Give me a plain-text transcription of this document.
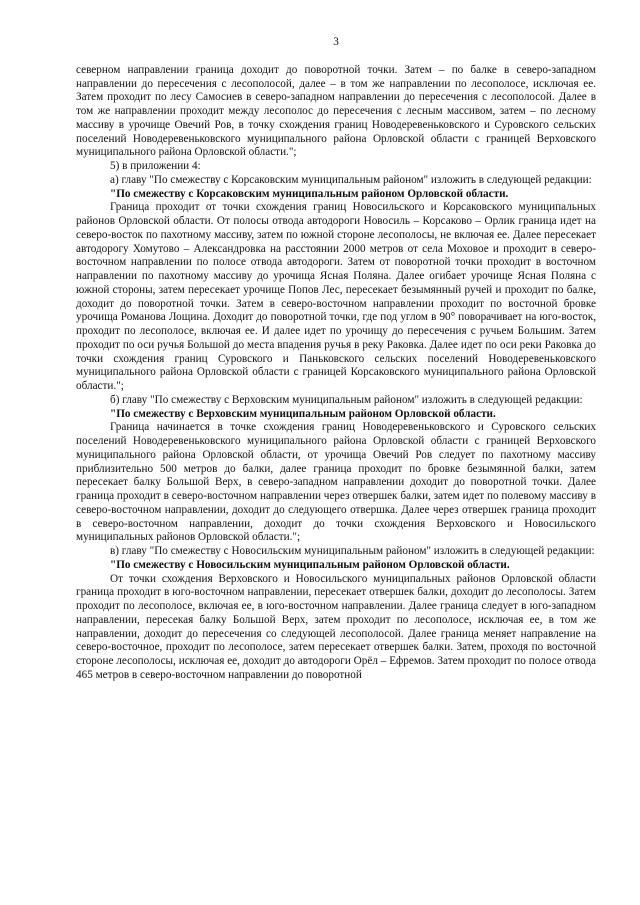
3

северном направлении граница доходит до поворотной точки. Затем – по балке в северо-западном направлении до пересечения с лесополосой, далее – в том же направлении по лесополосе, исключая ее. Затем проходит по лесу Самосиев в северо-западном направлении до пересечения с лесополосой. Далее в том же направлении проходит между лесополос до пересечения с лесным массивом, затем – по лесному массиву в урочище Овечий Ров, в точку схождения границ Новодеревеньковского и Суровского сельских поселений Новодеревеньковского муниципального района Орловской области с границей Верховского муниципального района Орловской области.";

5) в приложении 4:

а) главу "По смежеству с Корсаковским муниципальным районом" изложить в следующей редакции:

"По смежеству с Корсаковским муниципальным районом Орловской области.

Граница проходит от точки схождения границ Новосильского и Корсаковского муниципальных районов Орловской области. От полосы отвода автодороги Новосиль – Корсаково – Орлик граница идет на северо-восток по пахотному массиву, затем по южной стороне лесополосы, не включая ее. Далее пересекает автодорогу Хомутово – Александровка на расстоянии 2000 метров от села Моховое и проходит в северо-восточном направлении по полосе отвода автодороги. Затем от поворотной точки проходит в восточном направлении по пахотному массиву до урочища Ясная Поляна. Далее огибает урочище Ясная Поляна с южной стороны, затем пересекает урочище Попов Лес, пересекает безымянный ручей и проходит по балке, доходит до поворотной точки. Затем в северо-восточном направлении проходит по восточной бровке урочища Романова Лощина. Доходит до поворотной точки, где под углом в 90° поворачивает на юго-восток, проходит по лесополосе, включая ее. И далее идет по урочищу до пересечения с ручьем Большим. Затем проходит по оси ручья Большой до места впадения ручья в реку Раковка. Далее идет по оси реки Раковка до точки схождения границ Суровского и Паньковского сельских поселений Новодеревеньковского муниципального района Орловской области с границей Корсаковского муниципального района Орловской области.";

б) главу "По смежеству с Верховским муниципальным районом" изложить в следующей редакции:

"По смежеству с Верховским муниципальным районом Орловской области.

Граница начинается в точке схождения границ Новодеревеньковского и Суровского сельских поселений Новодеревеньковского муниципального района Орловской области с границей Верховского муниципального района Орловской области, от урочища Овечий Ров следует по пахотному массиву приблизительно 500 метров до балки, далее граница проходит по бровке безымянной балки, затем пересекает балку Большой Верх, в северо-западном направлении доходит до поворотной точки. Далее граница проходит в северо-восточном направлении через отвершек балки, затем идет по полевому массиву в северо-восточном направлении, доходит до следующего отвершка. Далее через отвершек граница проходит в северо-восточном направлении, доходит до точки схождения Верховского и Новосильского муниципальных районов Орловской области.";

в) главу "По смежеству с Новосильским муниципальным районом" изложить в следующей редакции:

"По смежеству с Новосильским муниципальным районом Орловской области.

От точки схождения Верховского и Новосильского муниципальных районов Орловской области граница проходит в юго-восточном направлении, пересекает отвершек балки, доходит до лесополосы. Затем проходит по лесополосе, включая ее, в юго-восточном направлении. Далее граница следует в юго-западном направлении, пересекая балку Большой Верх, затем проходит по лесополосе, исключая ее, в том же направлении, доходит до пересечения со следующей лесополосой. Далее граница меняет направление на северо-восточное, проходит по лесополосе, затем пересекает отвершек балки. Затем, проходя по восточной стороне лесополосы, исключая ее, доходит до автодороги Орёл – Ефремов. Затем проходит по полосе отвода 465 метров в северо-восточном направлении до поворотной
